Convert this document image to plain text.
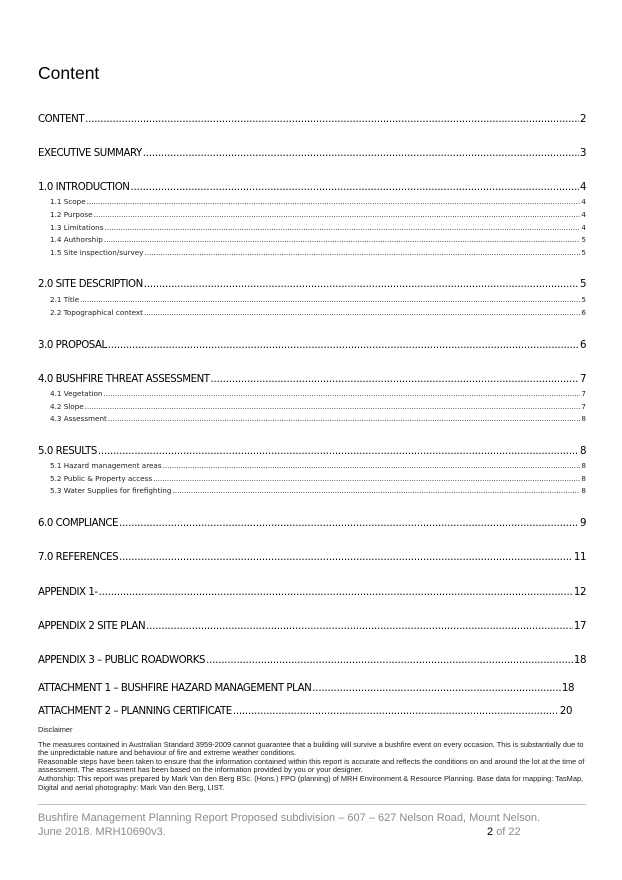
Content
CONTENT .....	2
EXECUTIVE SUMMARY .....	3
1.0 INTRODUCTION .....	4
1.1 Scope .....	4
1.2 Purpose .....	4
1.3 Limitations .....	4
1.4 Authorship .....	5
1.5 Site inspection/survey .....	5
2.0 SITE DESCRIPTION .....	5
2.1 Title .....	5
2.2 Topographical context .....	6
3.0 PROPOSAL .....	6
4.0 BUSHFIRE THREAT ASSESSMENT .....	7
4.1 Vegetation .....	7
4.2 Slope .....	7
4.3 Assessment .....	8
5.0 RESULTS .....	8
5.1 Hazard management areas .....	8
5.2 Public & Property access .....	8
5.3 Water Supplies for firefighting .....	8
6.0 COMPLIANCE .....	9
7.0 REFERENCES .....	11
APPENDIX 1- .....	12
APPENDIX 2 SITE PLAN .....	17
APPENDIX 3 – PUBLIC ROADWORKS .....	18
ATTACHMENT 1 – BUSHFIRE HAZARD MANAGEMENT PLAN .....	18
ATTACHMENT 2 – PLANNING CERTIFICATE .....	20
Disclaimer

The measures contained in Australian Standard 3959-2009 cannot guarantee that a building will survive a bushfire event on every occasion. This is substantially due to the unpredictable nature and behaviour of fire and extreme weather conditions.

Reasonable steps have been taken to ensure that the information contained within this report is accurate and reflects the conditions on and around the lot at the time of assessment. The assessment has been based on the information provided by you or your designer.

Authorship: This report was prepared by Mark Van den Berg BSc. (Hons.) FPO (planning) of MRH Environment & Resource Planning. Base data for mapping: TasMap, Digital and aerial photography: Mark Van den Berg, LIST.

Bushfire Management Planning Report Proposed subdivision – 607 – 627 Nelson Road, Mount Nelson.
June 2018. MRH10690v3.	2 of 22
